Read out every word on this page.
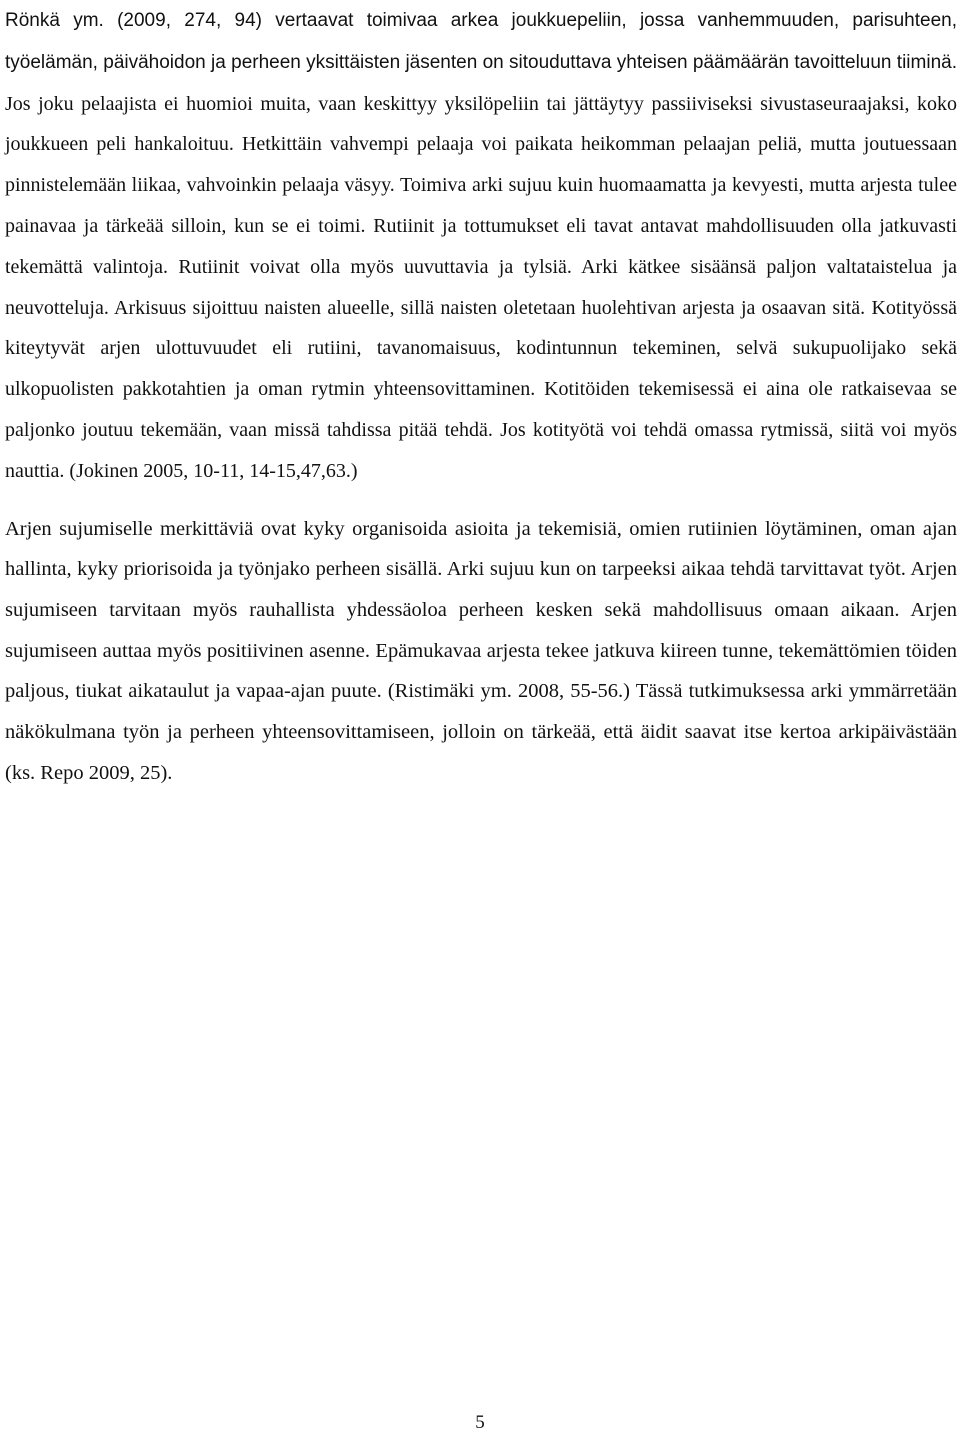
Rönkä ym. (2009, 274, 94) vertaavat toimivaa arkea joukkuepeliin, jossa vanhemmuuden, parisuhteen, työelämän, päivähoidon ja perheen yksittäisten jäsenten on sitouduttava yhteisen päämäärän tavoitteluun tiiminä. Jos joku pelaajista ei huomioi muita, vaan keskittyy yksilöpeliin tai jättäytyy passiiviseksi sivustaseuraajaksi, koko joukkueen peli hankaloituu. Hetkittäin vahvempi pelaaja voi paikata heikomman pelaajan peliä, mutta joutuessaan pinnistelemään liikaa, vahvoinkin pelaaja väsyy. Toimiva arki sujuu kuin huomaamatta ja kevyesti, mutta arjesta tulee painavaa ja tärkeää silloin, kun se ei toimi. Rutiinit ja tottumukset eli tavat antavat mahdollisuuden olla jatkuvasti tekemättä valintoja. Rutiinit voivat olla myös uuvuttavia ja tylsiä. Arki kätkee sisäänsä paljon valtataistelua ja neuvotteluja. Arkisuus sijoittuu naisten alueelle, sillä naisten oletetaan huolehtivan arjesta ja osaavan sitä. Kotityössä kiteytyvät arjen ulottuvuudet eli rutiini, tavanomaisuus, kodintunnun tekeminen, selvä sukupuolijako sekä ulkopuolisten pakkotahtien ja oman rytmin yhteensovittaminen. Kotitöiden tekemisessä ei aina ole ratkaisevaa se paljonko joutuu tekemään, vaan missä tahdissa pitää tehdä. Jos kotityötä voi tehdä omassa rytmissä, siitä voi myös nauttia. (Jokinen 2005, 10-11, 14-15,47,63.)

Arjen sujumiselle merkittäviä ovat kyky organisoida asioita ja tekemisiä, omien rutiinien löytäminen, oman ajan hallinta, kyky priorisoida ja työnjako perheen sisällä. Arki sujuu kun on tarpeeksi aikaa tehdä tarvittavat työt. Arjen sujumiseen tarvitaan myös rauhallista yhdessäoloa perheen kesken sekä mahdollisuus omaan aikaan. Arjen sujumiseen auttaa myös positiivinen asenne. Epämukavaa arjesta tekee jatkuva kiireen tunne, tekemättömien töiden paljous, tiukat aikataulut ja vapaa-ajan puute. (Ristimäki ym. 2008, 55-56.) Tässä tutkimuksessa arki ymmärretään näkökulmana työn ja perheen yhteensovittamiseen, jolloin on tärkeää, että äidit saavat itse kertoa arkipäivästään (ks. Repo 2009, 25).

5
